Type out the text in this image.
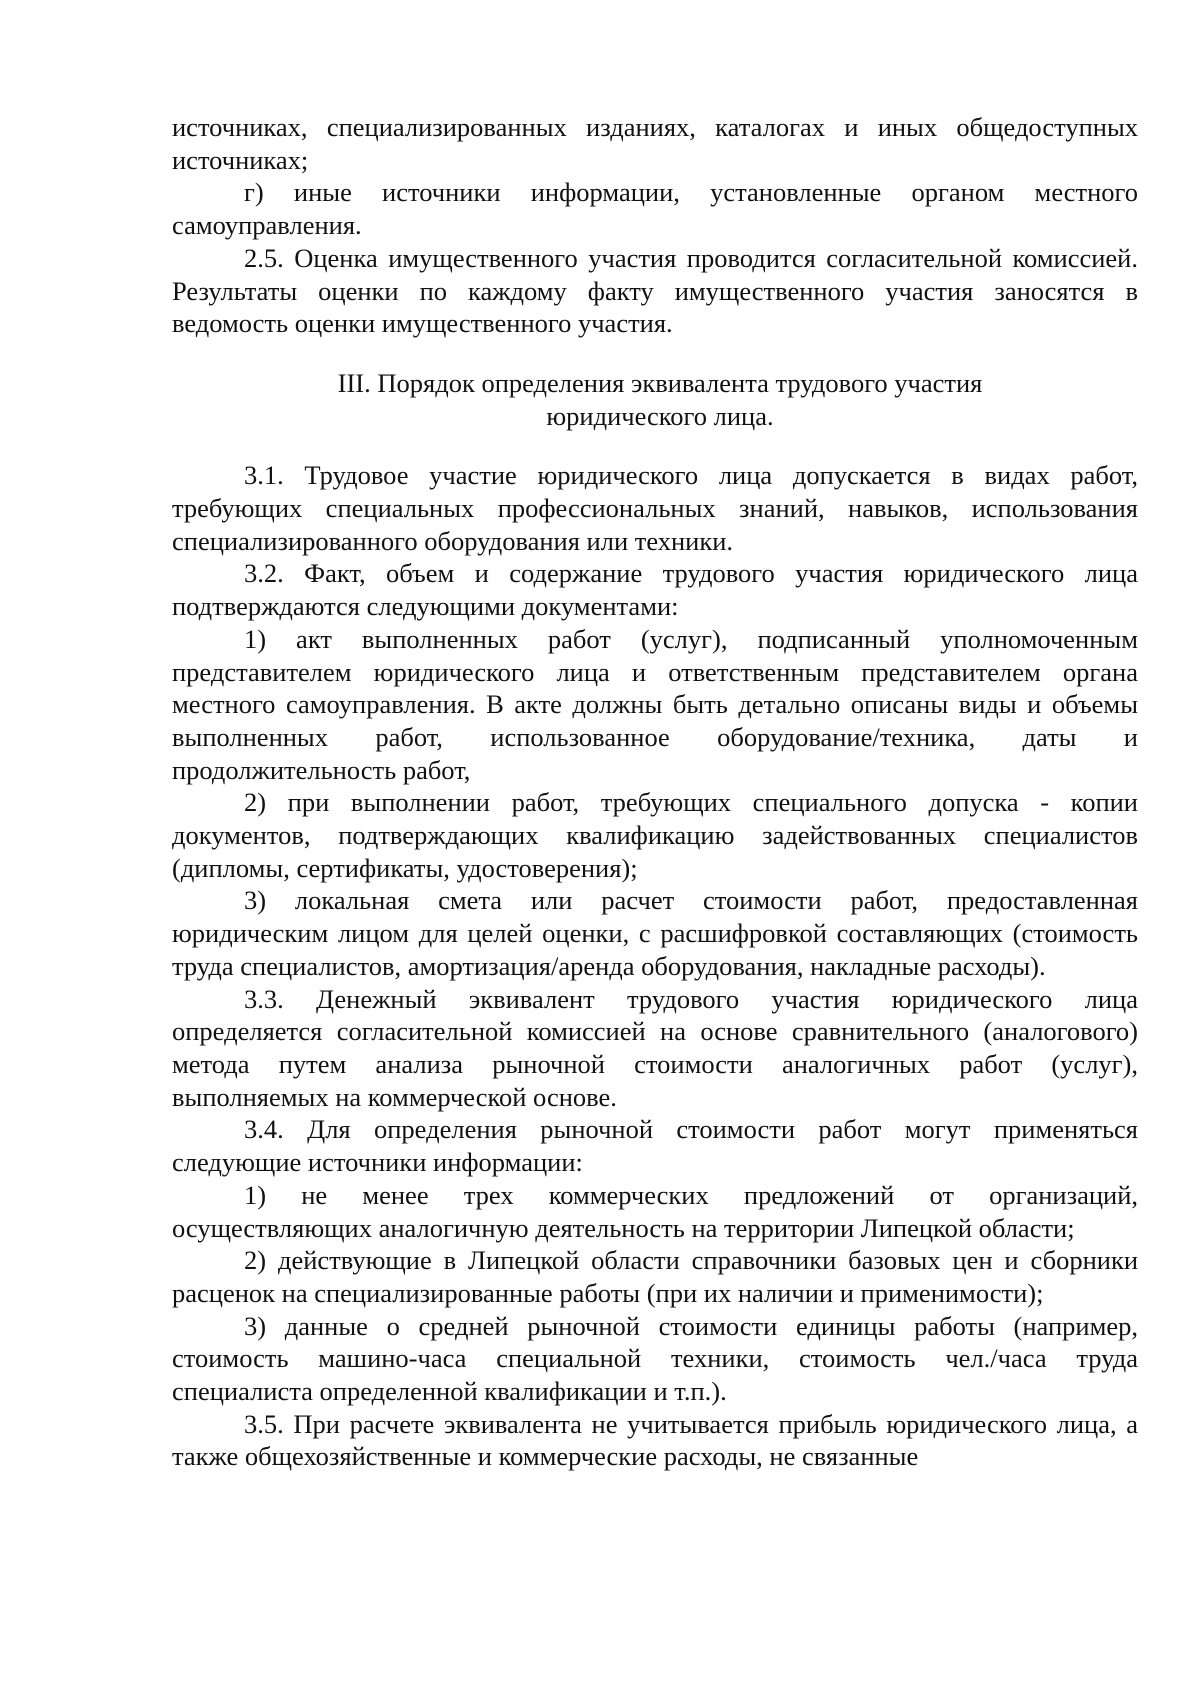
источниках, специализированных изданиях, каталогах и иных общедоступных источниках;

г) иные источники информации, установленные органом местного самоуправления.

2.5. Оценка имущественного участия проводится согласительной комиссией. Результаты оценки по каждому факту имущественного участия заносятся в ведомость оценки имущественного участия.

III. Порядок определения эквивалента трудового участия

юридического лица.

3.1. Трудовое участие юридического лица допускается в видах работ, требующих специальных профессиональных знаний, навыков, использования специализированного оборудования или техники.

3.2. Факт, объем и содержание трудового участия юридического лица подтверждаются следующими документами:

1) акт выполненных работ (услуг), подписанный уполномоченным представителем юридического лица и ответственным представителем органа местного самоуправления. В акте должны быть детально описаны виды и объемы выполненных работ, использованное оборудование/техника, даты и продолжительность работ,

2) при выполнении работ, требующих специального допуска - копии документов, подтверждающих квалификацию задействованных специалистов (дипломы, сертификаты, удостоверения);

3) локальная смета или расчет стоимости работ, предоставленная юридическим лицом для целей оценки, с расшифровкой составляющих (стоимость труда специалистов, амортизация/аренда оборудования, накладные расходы).

3.3. Денежный эквивалент трудового участия юридического лица определяется согласительной комиссией на основе сравнительного (аналогового) метода путем анализа рыночной стоимости аналогичных работ (услуг), выполняемых на коммерческой основе.

3.4. Для определения рыночной стоимости работ могут применяться следующие источники информации:

1) не менее трех коммерческих предложений от организаций, осуществляющих аналогичную деятельность на территории Липецкой области;

2) действующие в Липецкой области справочники базовых цен и сборники расценок на специализированные работы (при их наличии и применимости);

3) данные о средней рыночной стоимости единицы работы (например, стоимость машино-часа специальной техники, стоимость чел./часа труда специалиста определенной квалификации и т.п.).

3.5. При расчете эквивалента не учитывается прибыль юридического лица, а также общехозяйственные и коммерческие расходы, не связанные
